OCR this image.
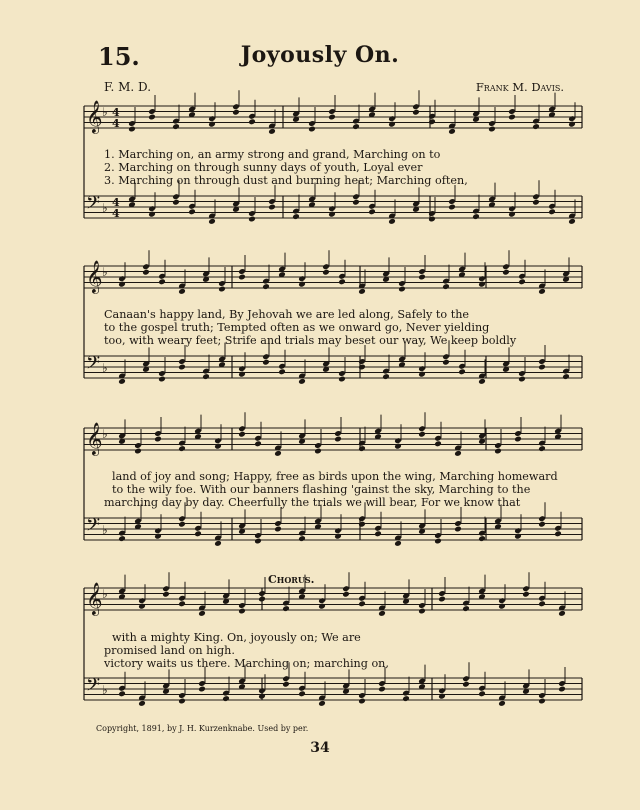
15.	Joyously On.
F. M. D.	Frank M. Davis.
𝄞
𝄢
♭
♭
4
4
4
4
𝄞
𝄢
♭
♭
𝄞
𝄢
♭
♭
𝄞
𝄢
♭
♭
1. Marching on, an army strong and grand, Marching on to
2. Marching on through sunny days of youth, Loyal ever
3. Marching on through dust and burning heat; Marching often,
Canaan's happy land, By Jehovah we are led along, Safely to the
to the gospel truth; Tempted often as we onward go, Never yielding
too, with weary feet; Strife and trials may beset our way, We keep boldly
land of joy and song; Happy, free as birds upon the wing, Marching homeward
to the wily foe. With our banners flashing 'gainst the sky, Marching to the
marching day by day. Cheerfully the trials we will bear, For we know that
Chorus.
with a mighty King. On, joyously on; We are
promised land on high.
victory waits us there. Marching on; marching on,
Copyright, 1891, by J. H. Kurzenknabe. Used by per.
34
